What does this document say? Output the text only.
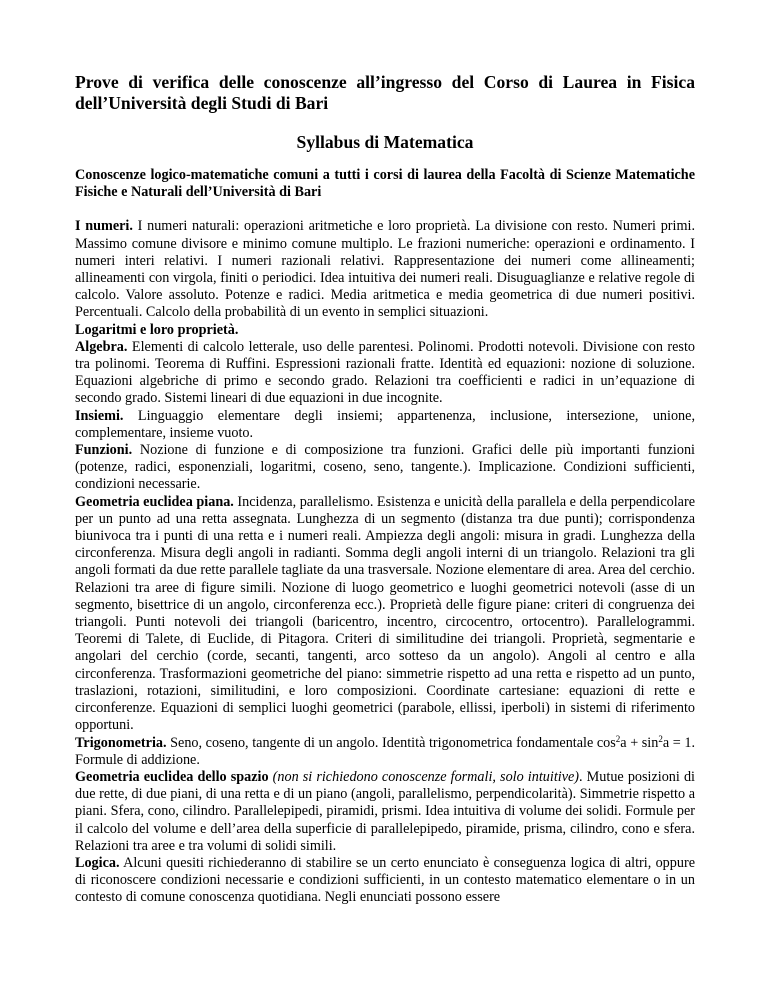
Prove di verifica delle conoscenze all’ingresso del Corso di Laurea in Fisica dell’Università degli Studi di Bari
Syllabus di Matematica
Conoscenze logico-matematiche comuni a tutti i corsi di laurea della Facoltà di Scienze Matematiche Fisiche e Naturali dell’Università di Bari

I numeri. I numeri naturali: operazioni aritmetiche e loro proprietà. La divisione con resto. Numeri primi. Massimo comune divisore e minimo comune multiplo. Le frazioni numeriche: operazioni e ordinamento. I numeri interi relativi. I numeri razionali relativi. Rappresentazione dei numeri come allineamenti; allineamenti con virgola, finiti o periodici. Idea intuitiva dei numeri reali. Disuguaglianze e relative regole di calcolo. Valore assoluto. Potenze e radici. Media aritmetica e media geometrica di due numeri positivi. Percentuali. Calcolo della probabilità di un evento in semplici situazioni.

Logaritmi e loro proprietà.

Algebra. Elementi di calcolo letterale, uso delle parentesi. Polinomi. Prodotti notevoli. Divisione con resto tra polinomi. Teorema di Ruffini. Espressioni razionali fratte. Identità ed equazioni: nozione di soluzione. Equazioni algebriche di primo e secondo grado. Relazioni tra coefficienti e radici in un’equazione di secondo grado. Sistemi lineari di due equazioni in due incognite.

Insiemi. Linguaggio elementare degli insiemi; appartenenza, inclusione, intersezione, unione, complementare, insieme vuoto.

Funzioni. Nozione di funzione e di composizione tra funzioni. Grafici delle più importanti funzioni (potenze, radici, esponenziali, logaritmi, coseno, seno, tangente.). Implicazione. Condizioni sufficienti, condizioni necessarie.

Geometria euclidea piana. Incidenza, parallelismo. Esistenza e unicità della parallela e della perpendicolare per un punto ad una retta assegnata. Lunghezza di un segmento (distanza tra due punti); corrispondenza biunivoca tra i punti di una retta e i numeri reali. Ampiezza degli angoli: misura in gradi. Lunghezza della circonferenza. Misura degli angoli in radianti. Somma degli angoli interni di un triangolo. Relazioni tra gli angoli formati da due rette parallele tagliate da una trasversale. Nozione elementare di area. Area del cerchio. Relazioni tra aree di figure simili. Nozione di luogo geometrico e luoghi geometrici notevoli (asse di un segmento, bisettrice di un angolo, circonferenza ecc.). Proprietà delle figure piane: criteri di congruenza dei triangoli. Punti notevoli dei triangoli (baricentro, incentro, circocentro, ortocentro). Parallelogrammi. Teoremi di Talete, di Euclide, di Pitagora. Criteri di similitudine dei triangoli. Proprietà, segmentarie e angolari del cerchio (corde, secanti, tangenti, arco sotteso da un angolo). Angoli al centro e alla circonferenza. Trasformazioni geometriche del piano: simmetrie rispetto ad una retta e rispetto ad un punto, traslazioni, rotazioni, similitudini, e loro composizioni. Coordinate cartesiane: equazioni di rette e circonferenze. Equazioni di semplici luoghi geometrici (parabole, ellissi, iperboli) in sistemi di riferimento opportuni.

Trigonometria. Seno, coseno, tangente di un angolo. Identità trigonometrica fondamentale $\cos^2a + \sin^2a = 1$. Formule di addizione.

Geometria euclidea dello spazio (non si richiedono conoscenze formali, solo intuitive). Mutue posizioni di due rette, di due piani, di una retta e di un piano (angoli, parallelismo, perpendicolarità). Simmetrie rispetto a piani. Sfera, cono, cilindro. Parallelepipedi, piramidi, prismi. Idea intuitiva di volume dei solidi. Formule per il calcolo del volume e dell’area della superficie di parallelepipedo, piramide, prisma, cilindro, cono e sfera. Relazioni tra aree e tra volumi di solidi simili.

Logica. Alcuni quesiti richiederanno di stabilire se un certo enunciato è conseguenza logica di altri, oppure di riconoscere condizioni necessarie e condizioni sufficienti, in un contesto matematico elementare o in un contesto di comune conoscenza quotidiana. Negli enunciati possono essere
